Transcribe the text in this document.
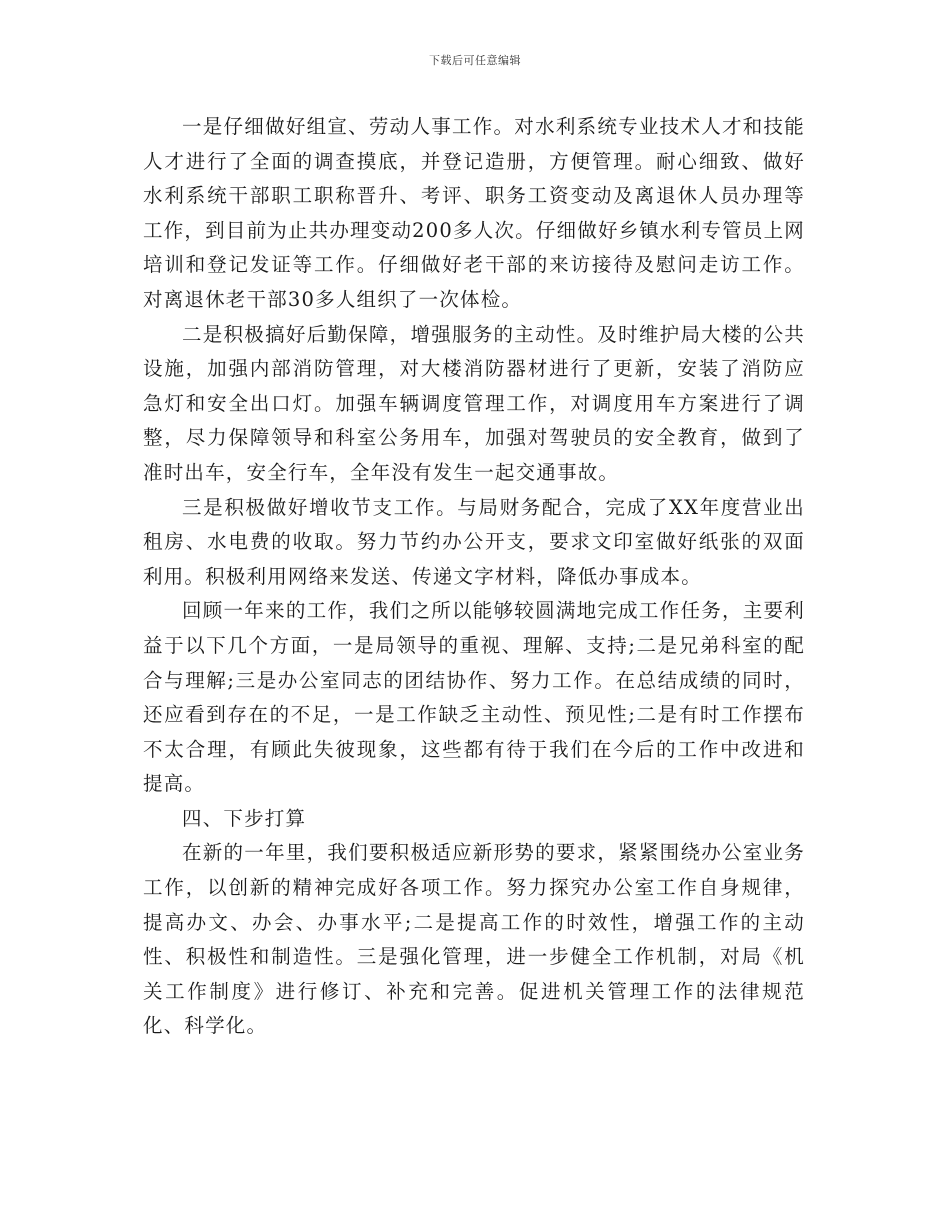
下载后可任意编辑

一是仔细做好组宣、劳动人事工作。对水利系统专业技术人才和技能人才进行了全面的调查摸底，并登记造册，方便管理。耐心细致、做好水利系统干部职工职称晋升、考评、职务工资变动及离退休人员办理等工作，到目前为止共办理变动200多人次。仔细做好乡镇水利专管员上网培训和登记发证等工作。仔细做好老干部的来访接待及慰问走访工作。对离退休老干部30多人组织了一次体检。

二是积极搞好后勤保障，增强服务的主动性。及时维护局大楼的公共设施，加强内部消防管理，对大楼消防器材进行了更新，安装了消防应急灯和安全出口灯。加强车辆调度管理工作，对调度用车方案进行了调整，尽力保障领导和科室公务用车，加强对驾驶员的安全教育，做到了准时出车，安全行车，全年没有发生一起交通事故。

三是积极做好增收节支工作。与局财务配合，完成了XX年度营业出租房、水电费的收取。努力节约办公开支，要求文印室做好纸张的双面利用。积极利用网络来发送、传递文字材料，降低办事成本。

回顾一年来的工作，我们之所以能够较圆满地完成工作任务，主要利益于以下几个方面，一是局领导的重视、理解、支持;二是兄弟科室的配合与理解;三是办公室同志的团结协作、努力工作。在总结成绩的同时，还应看到存在的不足，一是工作缺乏主动性、预见性;二是有时工作摆布不太合理，有顾此失彼现象，这些都有待于我们在今后的工作中改进和提高。

四、下步打算

在新的一年里，我们要积极适应新形势的要求，紧紧围绕办公室业务工作，以创新的精神完成好各项工作。努力探究办公室工作自身规律，提高办文、办会、办事水平;二是提高工作的时效性，增强工作的主动性、积极性和制造性。三是强化管理，进一步健全工作机制，对局《机关工作制度》进行修订、补充和完善。促进机关管理工作的法律规范化、科学化。
